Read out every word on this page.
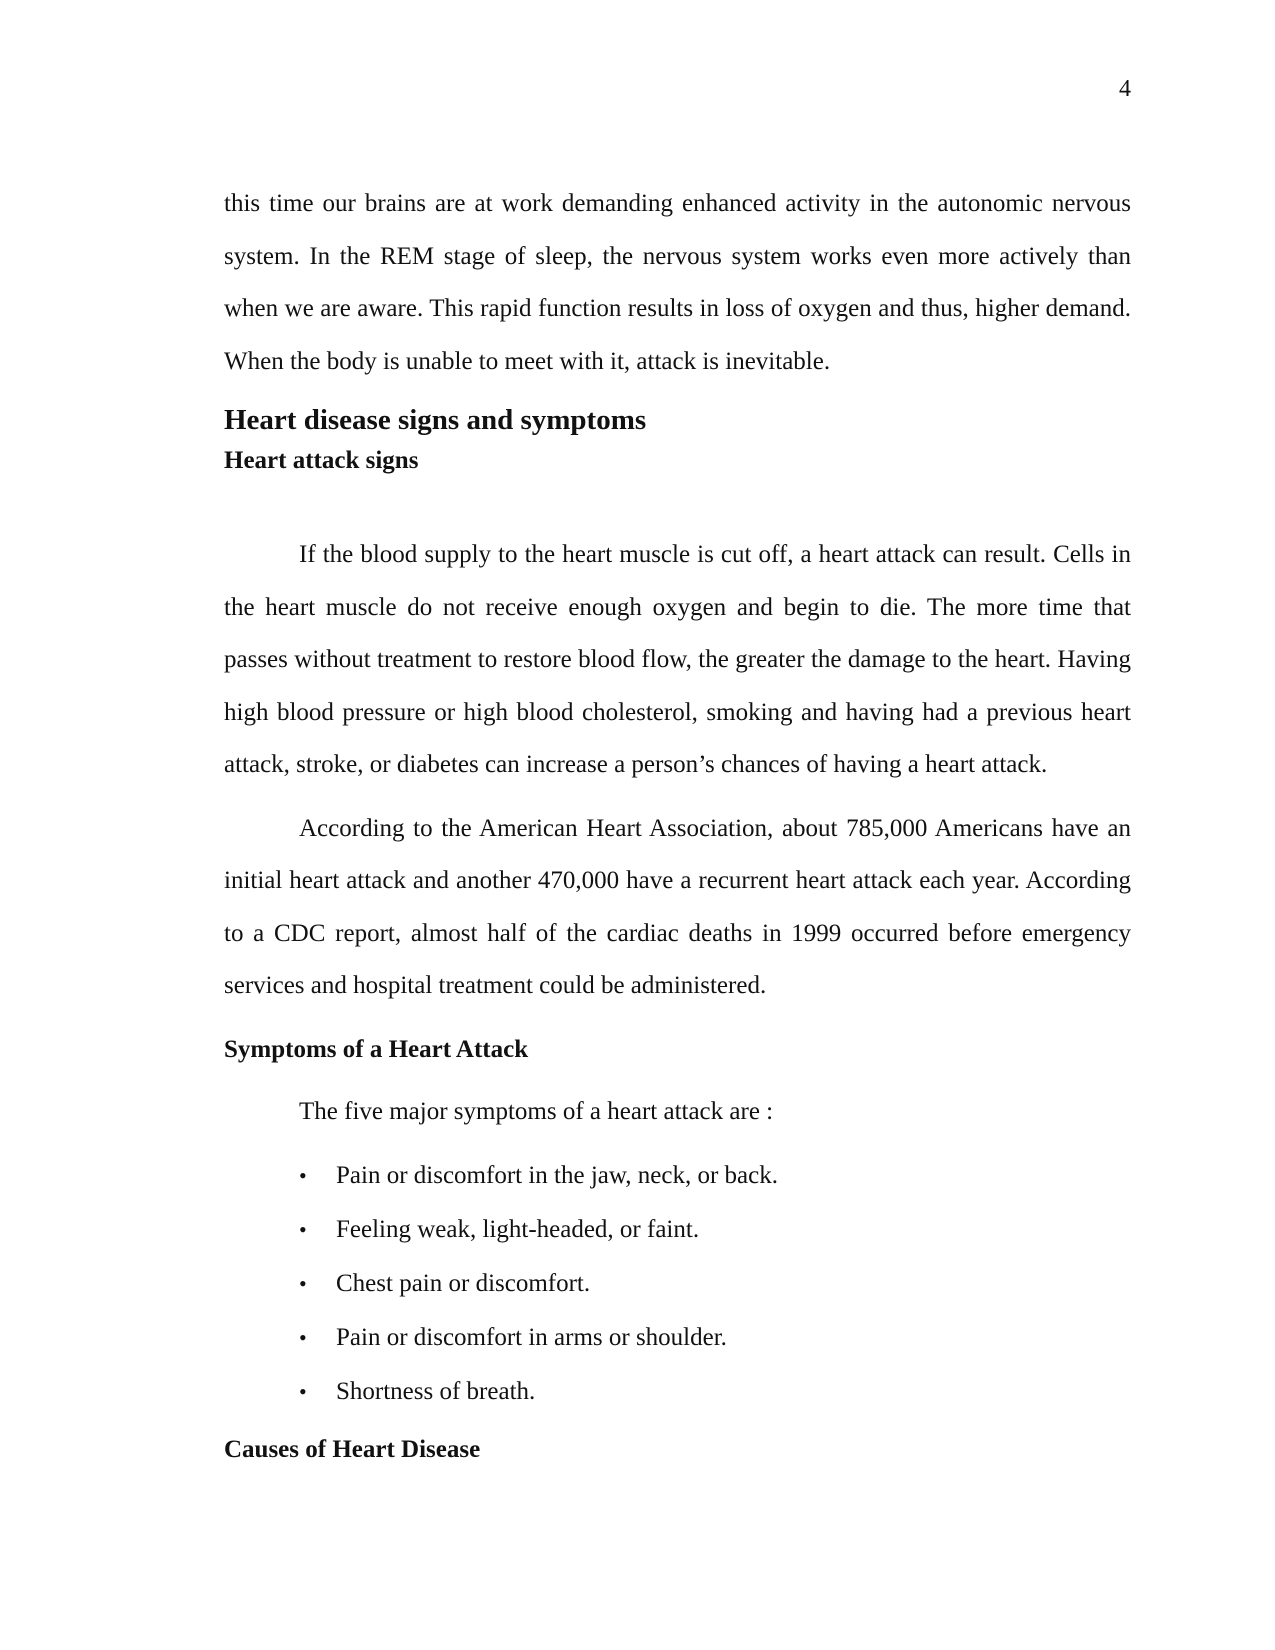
4

this time our brains are at work demanding enhanced activity in the autonomic nervous system. In the REM stage of sleep, the nervous system works even more actively than when we are aware. This rapid function results in loss of oxygen and thus, higher demand. When the body is unable to meet with it, attack is inevitable.

Heart disease signs and symptoms
Heart attack signs

If the blood supply to the heart muscle is cut off, a heart attack can result. Cells in the heart muscle do not receive enough oxygen and begin to die. The more time that passes without treatment to restore blood flow, the greater the damage to the heart. Having high blood pressure or high blood cholesterol, smoking and having had a previous heart attack, stroke, or diabetes can increase a person’s chances of having a heart attack.

According to the American Heart Association, about 785,000 Americans have an initial heart attack and another 470,000 have a recurrent heart attack each year. According to a CDC report, almost half of the cardiac deaths in 1999 occurred before emergency services and hospital treatment could be administered.

Symptoms of a Heart Attack

The five major symptoms of a heart attack are :

• Pain or discomfort in the jaw, neck, or back.
• Feeling weak, light-headed, or faint.
• Chest pain or discomfort.
• Pain or discomfort in arms or shoulder.
• Shortness of breath.
Causes of Heart Disease
